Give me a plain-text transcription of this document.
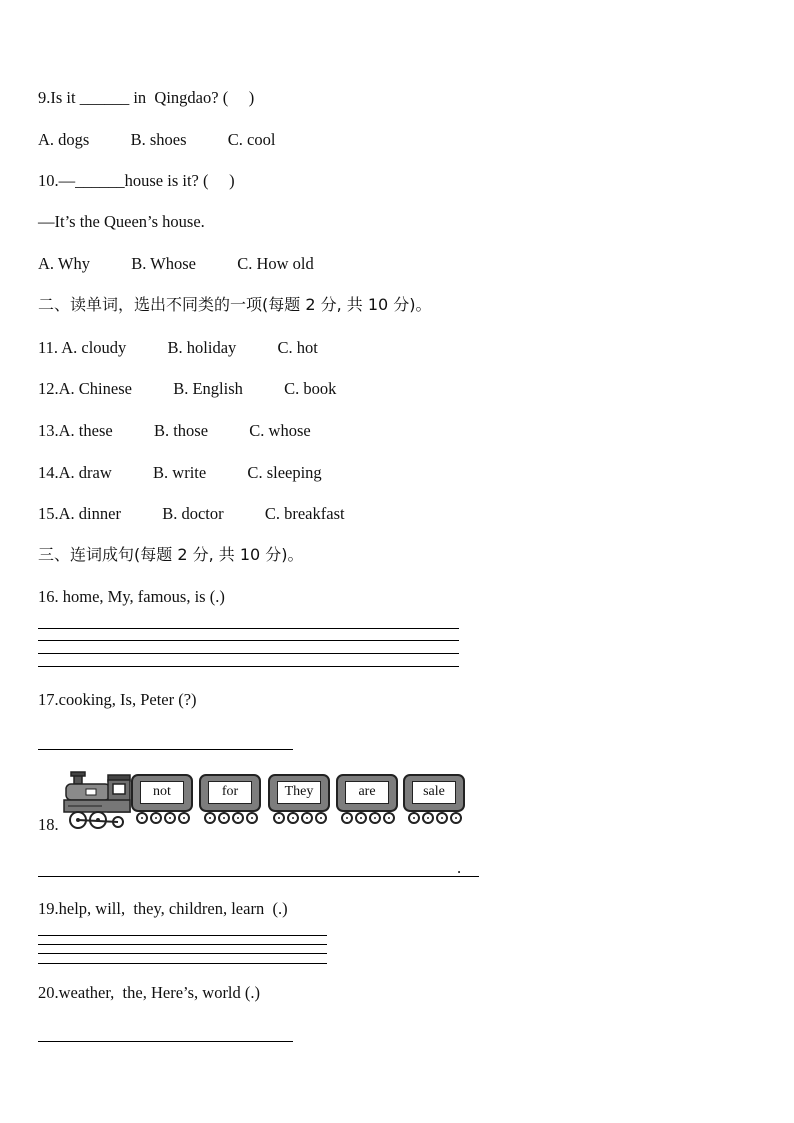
9.Is it ______ in  Qingdao? (     )
A. dogs          B. shoes          C. cool
10.—______house is it? (     )
—It’s the Queen’s house.
A. Why          B. Whose          C. How old
二、读单词，选出不同类的一项(每题 2 分, 共 10 分)。
11. A. cloudy          B. holiday          C. hot
12.A. Chinese          B. English          C. book
13.A. these          B. those          C. whose
14.A. draw          B. write          C. sleeping
15.A. dinner          B. doctor          C. breakfast
三、连词成句(每题 2 分, 共 10 分)。
16. home, My, famous, is (.)
17.cooking, Is, Peter (?)
18.
not	for	They	are	sale
.
19.help, will,  they, children, learn  (.)
20.weather,  the, Here’s, world (.)
